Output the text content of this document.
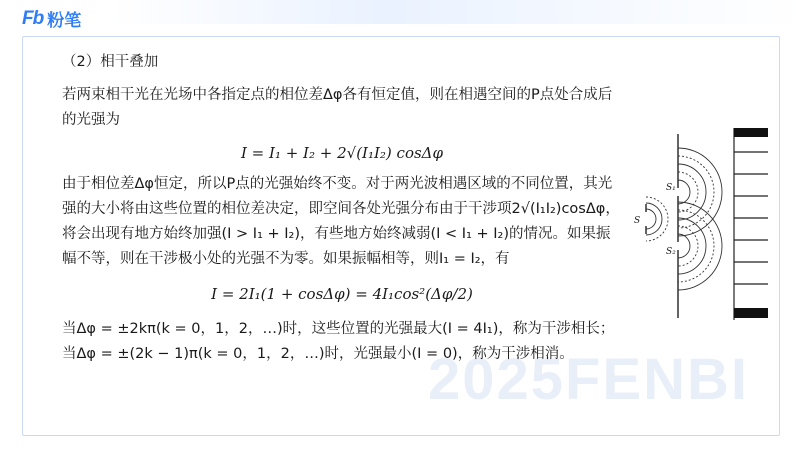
Fb 粉笔
2025FENBI

（2）相干叠加

若两束相干光在光场中各指定点的相位差Δφ各有恒定值，则在相遇空间的P点处合成后的光强为

I = I₁ + I₂ + 2√(I₁I₂) cosΔφ

由于相位差Δφ恒定，所以P点的光强始终不变。对于两光波相遇区域的不同位置，其光强的大小将由这些位置的相位差决定，即空间各处光强分布由于干涉项2√(I₁I₂)cosΔφ，将会出现有地方始终加强(I > I₁ + I₂)，有些地方始终减弱(I < I₁ + I₂)的情况。如果振幅不等，则在干涉极小处的光强不为零。如果振幅相等，则I₁ = I₂，有

I = 2I₁(1 + cosΔφ) = 4I₁cos²(Δφ/2)

当Δφ = ±2kπ(k = 0，1，2，…)时，这些位置的光强最大(I = 4I₁)，称为干涉相长；当Δφ = ±(2k − 1)π(k = 0，1，2，…)时，光强最小(I = 0)，称为干涉相消。

S
S₁
S₂
